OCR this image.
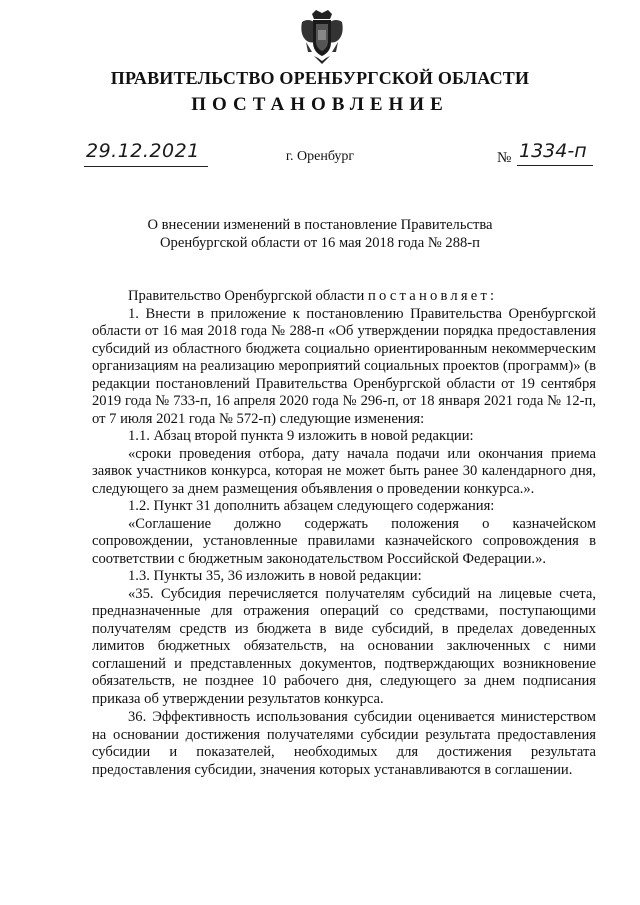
ПРАВИТЕЛЬСТВО ОРЕНБУРГСКОЙ ОБЛАСТИ
ПОСТАНОВЛЕНИЕ
29.12.2021	г. Оренбург	№ 1334-п
О внесении изменений в постановление Правительства
Оренбургской области от 16 мая 2018 года № 288-п

Правительство Оренбургской области постановляет:

1. Внести в приложение к постановлению Правительства Оренбургской области от 16 мая 2018 года № 288-п «Об утверждении порядка предоставления субсидий из областного бюджета социально ориентированным некоммерческим организациям на реализацию мероприятий социальных проектов (программ)» (в редакции постановлений Правительства Оренбургской области от 19 сентября 2019 года № 733-п, 16 апреля 2020 года № 296-п, от 18 января 2021 года № 12-п, от 7 июля 2021 года № 572-п) следующие изменения:

1.1. Абзац второй пункта 9 изложить в новой редакции:

«сроки проведения отбора, дату начала подачи или окончания приема заявок участников конкурса, которая не может быть ранее 30 календарного дня, следующего за днем размещения объявления о проведении конкурса.».

1.2. Пункт 31 дополнить абзацем следующего содержания:

«Соглашение должно содержать положения о казначейском сопровождении, установленные правилами казначейского сопровождения в соответствии с бюджетным законодательством Российской Федерации.».

1.3. Пункты 35, 36 изложить в новой редакции:

«35. Субсидия перечисляется получателям субсидий на лицевые счета, предназначенные для отражения операций со средствами, поступающими получателям средств из бюджета в виде субсидий, в пределах доведенных лимитов бюджетных обязательств, на основании заключенных с ними соглашений и представленных документов, подтверждающих возникновение обязательств, не позднее 10 рабочего дня, следующего за днем подписания приказа об утверждении результатов конкурса.

36. Эффективность использования субсидии оценивается министерством на основании достижения получателями субсидии результата предоставления субсидии и показателей, необходимых для достижения результата предоставления субсидии, значения которых устанавливаются в соглашении.
